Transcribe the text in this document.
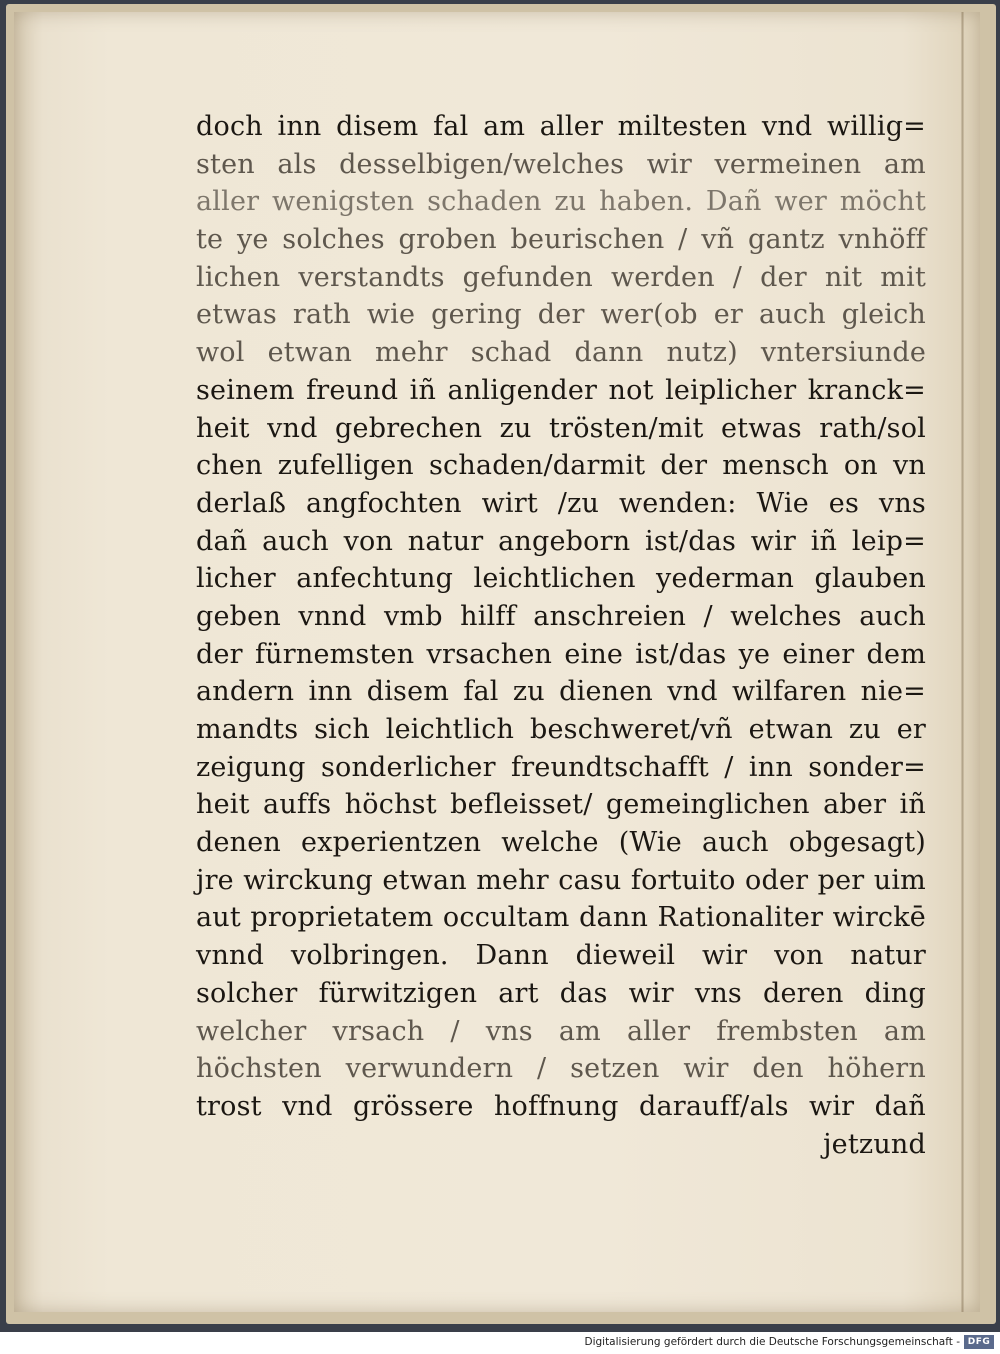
doch inn disem fal am aller miltesten vnd willig=
sten als desselbigen/welches wir vermeinen am
aller wenigsten schaden zu haben. Dañ wer möcht
te ye solches groben beurischen / vñ gantz vnhöff
lichen verstandts gefunden werden / der nit mit
etwas rath wie gering der wer(ob er auch gleich
wol etwan mehr schad dann nutz) vntersiunde
seinem freund iñ anligender not leiplicher kranck=
heit vnd gebrechen zu trösten/mit etwas rath/sol
chen zufelligen schaden/darmit der mensch on vn
derlaß angfochten wirt /zu wenden: Wie es vns
dañ auch von natur angeborn ist/das wir iñ leip=
licher anfechtung leichtlichen yederman glauben
geben vnnd vmb hilff anschreien / welches auch
der fürnemsten vrsachen eine ist/das ye einer dem
andern inn disem fal zu dienen vnd wilfaren nie=
mandts sich leichtlich beschweret/vñ etwan zu er
zeigung sonderlicher freundtschafft / inn sonder=
heit auffs höchst befleisset/ gemeinglichen aber iñ
denen experientzen welche (Wie auch obgesagt)
jre wirckung etwan mehr casu fortuito oder per uim
aut proprietatem occultam dann Rationaliter wirckē
vnnd volbringen. Dann dieweil wir von natur
solcher fürwitzigen art das wir vns deren ding
welcher vrsach / vns am aller frembsten am
höchsten verwundern / setzen wir den höhern
trost vnd grössere hoffnung darauff/als wir dañ
jetzund
Digitalisierung gefördert durch die Deutsche Forschungsgemeinschaft - DFG
